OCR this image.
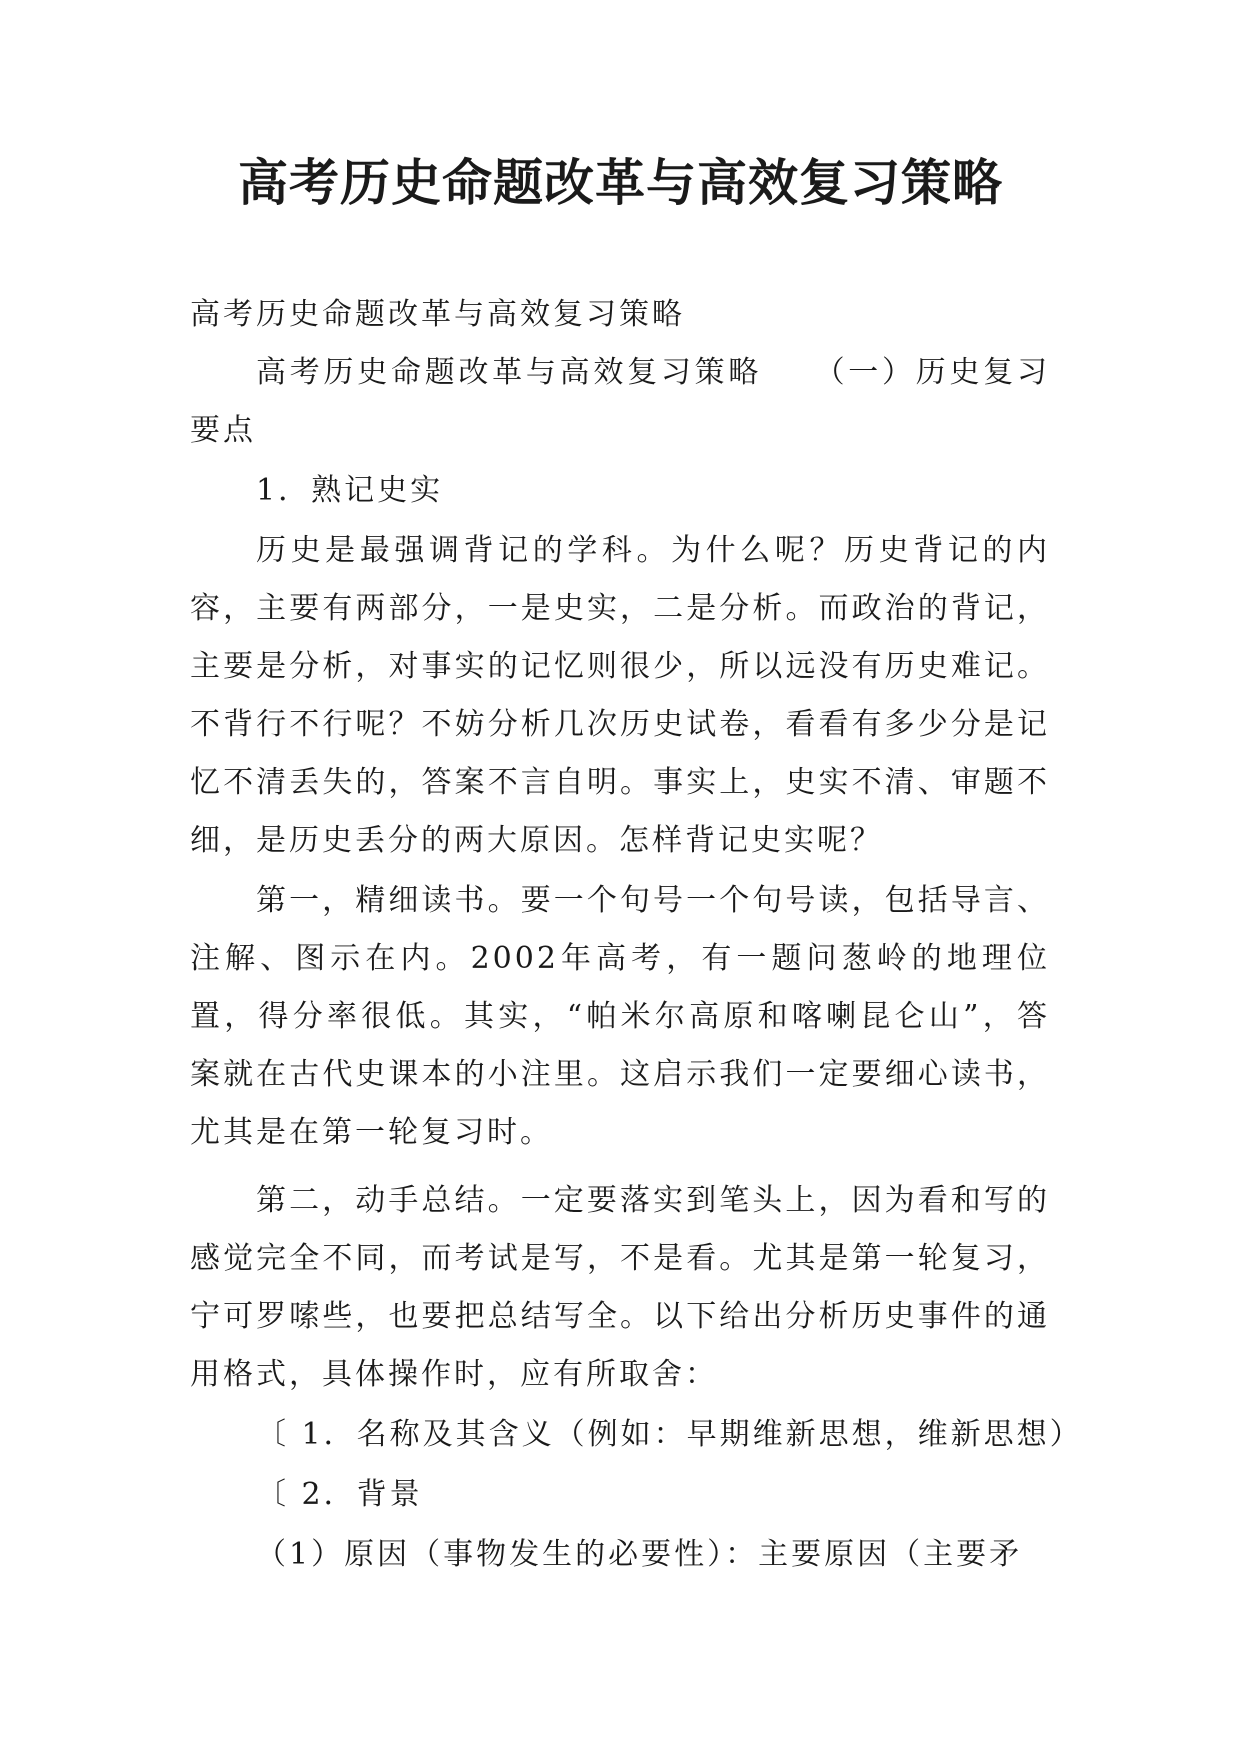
高考历史命题改革与高效复习策略

高考历史命题改革与高效复习策略

高考历史命题改革与高效复习策略　　（一）历史复习要点

1．熟记史实

历史是最强调背记的学科。为什么呢？历史背记的内容，主要有两部分，一是史实，二是分析。而政治的背记，主要是分析，对事实的记忆则很少，所以远没有历史难记。不背行不行呢？不妨分析几次历史试卷，看看有多少分是记忆不清丢失的，答案不言自明。事实上，史实不清、审题不细，是历史丢分的两大原因。怎样背记史实呢？

第一，精细读书。要一个句号一个句号读，包括导言、注解、图示在内。2002年高考，有一题问葱岭的地理位置，得分率很低。其实，“帕米尔高原和喀喇昆仑山”，答案就在古代史课本的小注里。这启示我们一定要细心读书，尤其是在第一轮复习时。

第二，动手总结。一定要落实到笔头上，因为看和写的感觉完全不同，而考试是写，不是看。尤其是第一轮复习，宁可罗嗦些，也要把总结写全。以下给出分析历史事件的通用格式，具体操作时，应有所取舍：

〔 1．名称及其含义（例如：早期维新思想，维新思想）

〔 2．背景

（1）原因（事物发生的必要性）：主要原因（主要矛
